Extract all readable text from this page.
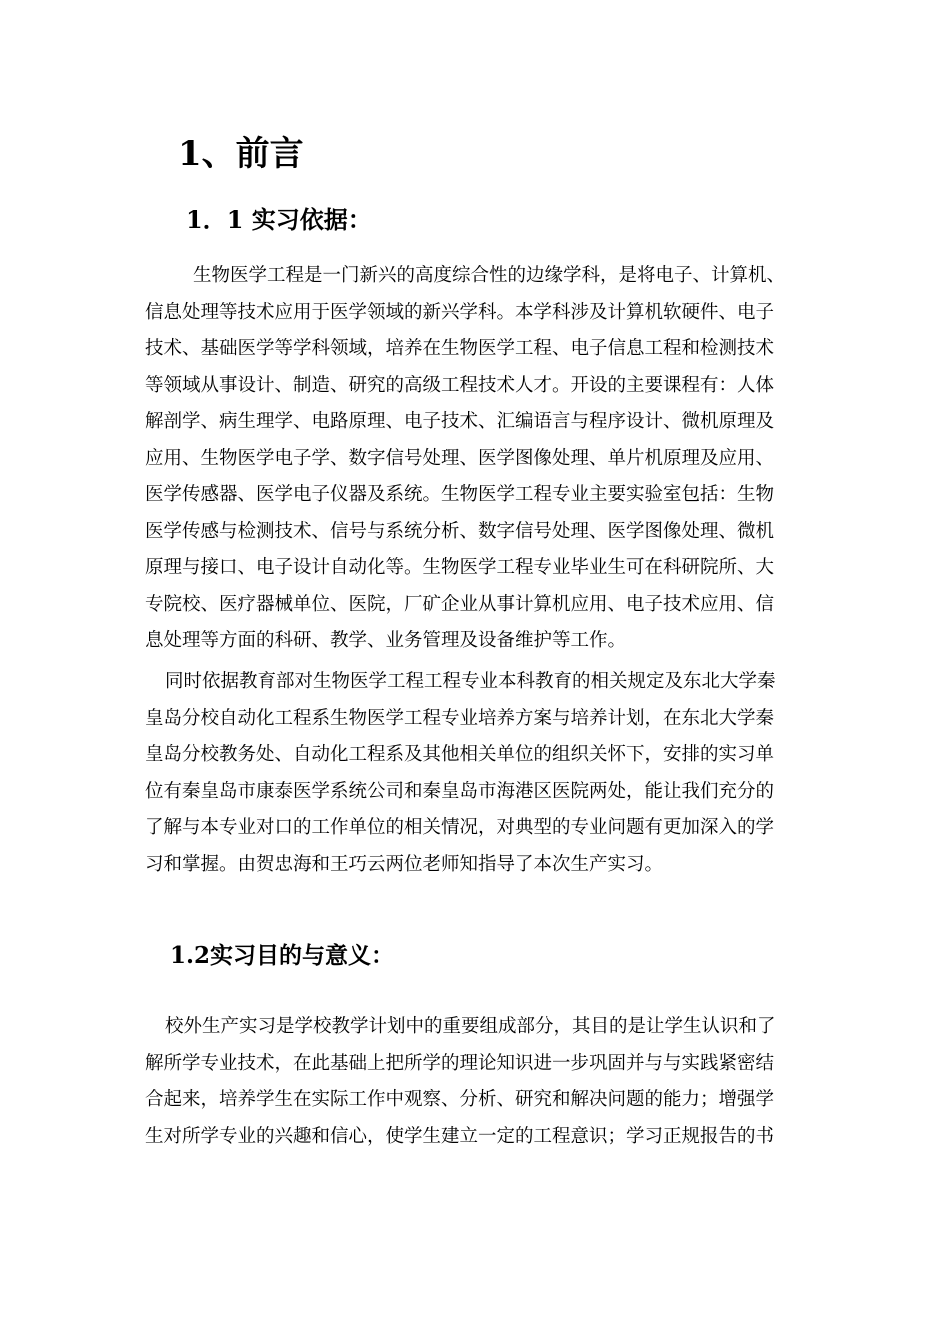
1、前言
1．1 实习依据：
生物医学工程是一门新兴的高度综合性的边缘学科，是将电子、计算机、
信息处理等技术应用于医学领域的新兴学科。本学科涉及计算机软硬件、电子
技术、基础医学等学科领域，培养在生物医学工程、电子信息工程和检测技术
等领域从事设计、制造、研究的高级工程技术人才。开设的主要课程有：人体
解剖学、病生理学、电路原理、电子技术、汇编语言与程序设计、微机原理及
应用、生物医学电子学、数字信号处理、医学图像处理、单片机原理及应用、
医学传感器、医学电子仪器及系统。生物医学工程专业主要实验室包括：生物
医学传感与检测技术、信号与系统分析、数字信号处理、医学图像处理、微机
原理与接口、电子设计自动化等。生物医学工程专业毕业生可在科研院所、大
专院校、医疗器械单位、医院，厂矿企业从事计算机应用、电子技术应用、信
息处理等方面的科研、教学、业务管理及设备维护等工作。
同时依据教育部对生物医学工程工程专业本科教育的相关规定及东北大学秦
皇岛分校自动化工程系生物医学工程专业培养方案与培养计划，在东北大学秦
皇岛分校教务处、自动化工程系及其他相关单位的组织关怀下，安排的实习单
位有秦皇岛市康泰医学系统公司和秦皇岛市海港区医院两处，能让我们充分的
了解与本专业对口的工作单位的相关情况，对典型的专业问题有更加深入的学
习和掌握。由贺忠海和王巧云两位老师知指导了本次生产实习。
1.2实习目的与意义：
校外生产实习是学校教学计划中的重要组成部分，其目的是让学生认识和了
解所学专业技术，在此基础上把所学的理论知识进一步巩固并与与实践紧密结
合起来，培养学生在实际工作中观察、分析、研究和解决问题的能力；增强学
生对所学专业的兴趣和信心，使学生建立一定的工程意识；学习正规报告的书
